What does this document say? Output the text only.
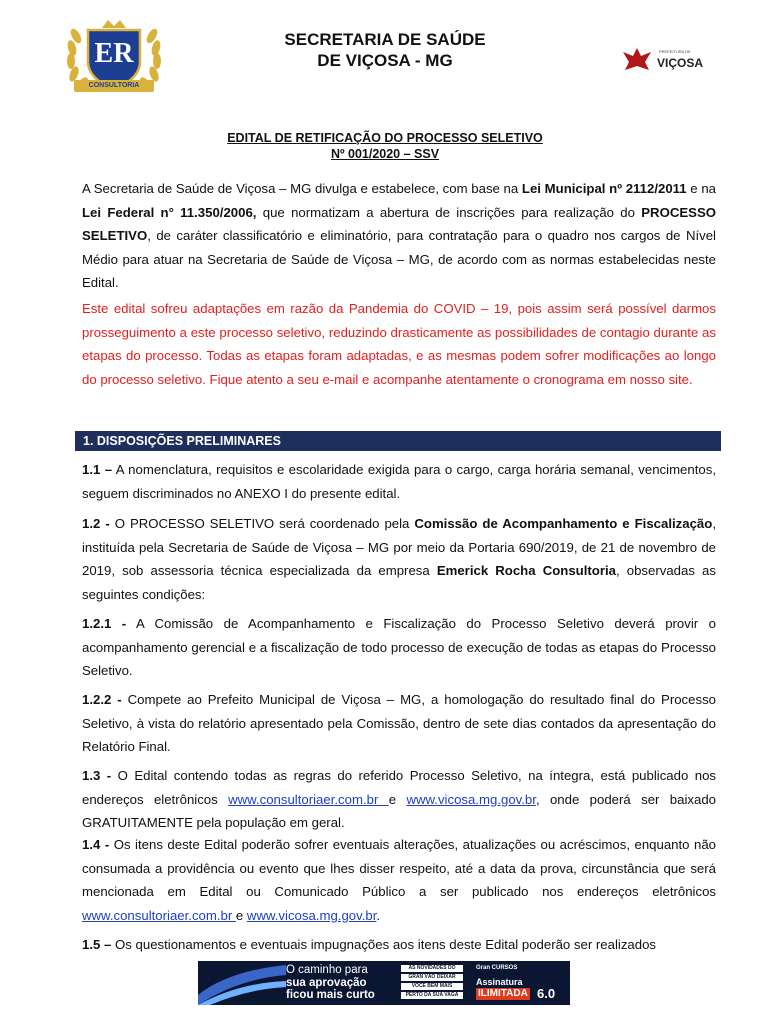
ER
CONSULTORIA
SECRETARIA DE SAÚDE
DE VIÇOSA - MG	PREFEITURA DE
VIÇOSA
EDITAL DE RETIFICAÇÃO DO PROCESSO SELETIVO
Nº 001/2020 – SSV

A Secretaria de Saúde de Viçosa – MG divulga e estabelece, com base na Lei Municipal nº 2112/2011 e na Lei Federal n° 11.350/2006, que normatizam a abertura de inscrições para realização do PROCESSO SELETIVO, de caráter classificatório e eliminatório, para contratação para o quadro nos cargos de Nível Médio para atuar na Secretaria de Saúde de Viçosa – MG, de acordo com as normas estabelecidas neste Edital.

Este edital sofreu adaptações em razão da Pandemia do COVID – 19, pois assim será possível darmos prosseguimento a este processo seletivo, reduzindo drasticamente as possibilidades de contagio durante as etapas do processo. Todas as etapas foram adaptadas, e as mesmas podem sofrer modificações ao longo do processo seletivo. Fique atento a seu e-mail e acompanhe atentamente o cronograma em nosso site.

1. DISPOSIÇÕES PRELIMINARES

1.1 – A nomenclatura, requisitos e escolaridade exigida para o cargo, carga horária semanal, vencimentos, seguem discriminados no ANEXO I do presente edital.

1.2 - O PROCESSO SELETIVO será coordenado pela Comissão de Acompanhamento e Fiscalização, instituída pela Secretaria de Saúde de Viçosa – MG por meio da Portaria 690/2019, de 21 de novembro de 2019, sob assessoria técnica especializada da empresa Emerick Rocha Consultoria, observadas as seguintes condições:

1.2.1 - A Comissão de Acompanhamento e Fiscalização do Processo Seletivo deverá provir o acompanhamento gerencial e a fiscalização de todo processo de execução de todas as etapas do Processo Seletivo.

1.2.2 - Compete ao Prefeito Municipal de Viçosa – MG, a homologação do resultado final do Processo Seletivo, à vista do relatório apresentado pela Comissão, dentro de sete dias contados da apresentação do Relatório Final.

1.3 - O Edital contendo todas as regras do referido Processo Seletivo, na íntegra, está publicado nos endereços eletrônicos www.consultoriaer.com.br e www.vicosa.mg.gov.br, onde poderá ser baixado GRATUITAMENTE pela população em geral.

1.4 - Os itens deste Edital poderão sofrer eventuais alterações, atualizações ou acréscimos, enquanto não consumada a providência ou evento que lhes disser respeito, até a data da prova, circunstância que será mencionada em Edital ou Comunicado Público a ser publicado nos endereços eletrônicos www.consultoriaer.com.br e www.vicosa.mg.gov.br.

1.5 – Os questionamentos e eventuais impugnações aos itens deste Edital poderão ser realizados

O caminho para
sua aprovação
ficou mais curto
AS NOVIDADES DO
GRAN VÃO DEIXAR
VOCÊ BEM MAIS
PERTO DA SUA VAGA
Gran CURSOS
Assinatura
ILIMITADA 6.0
